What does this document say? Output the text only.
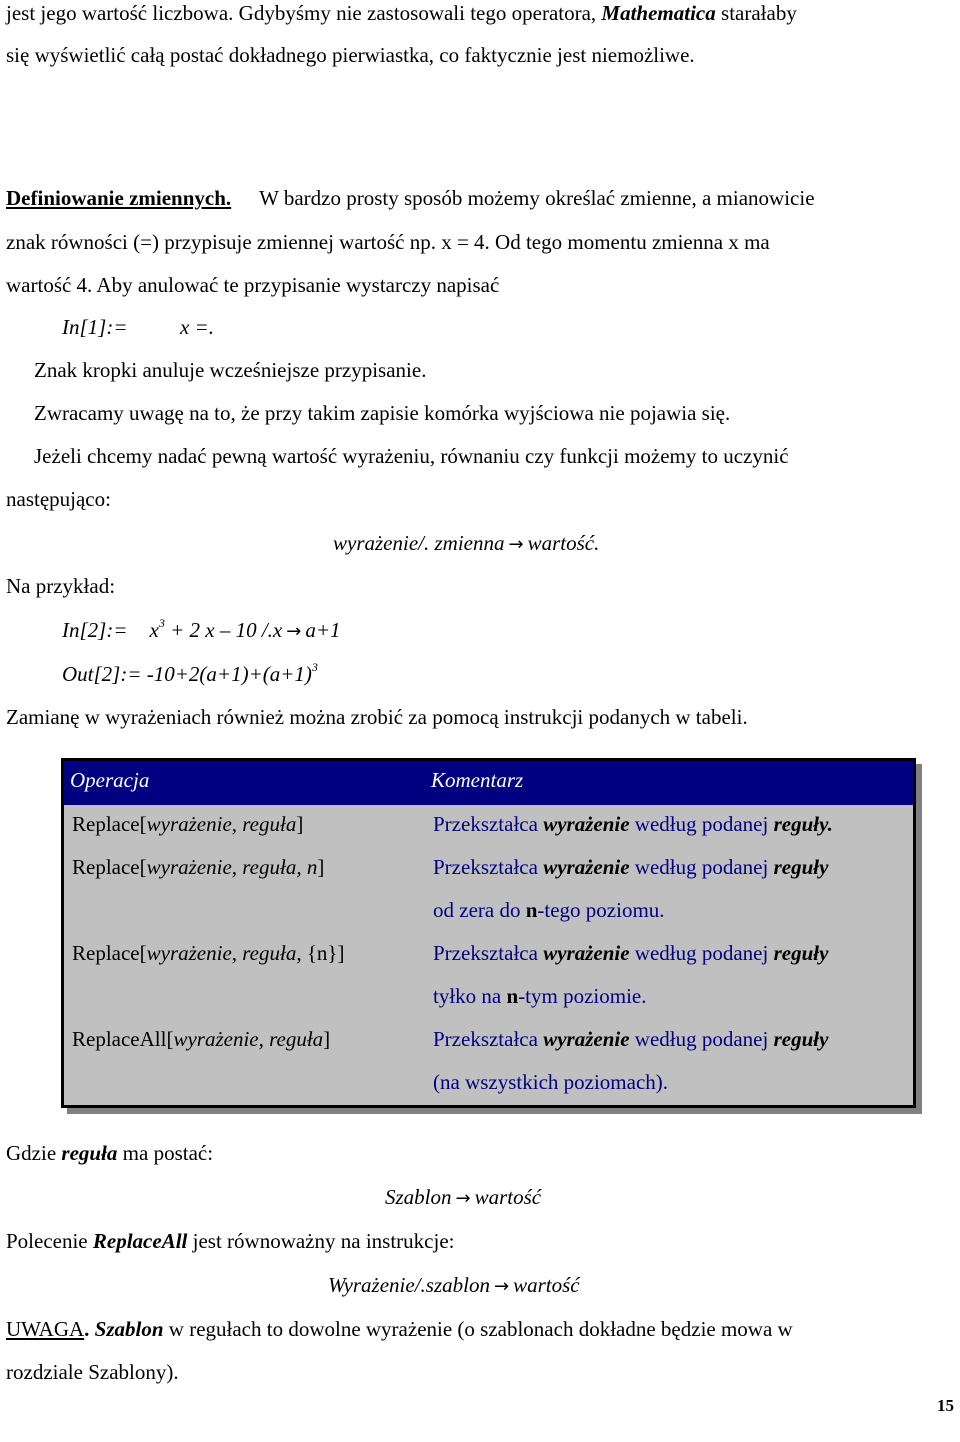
jest jego wartość liczbowa. Gdybyśmy nie zastosowali tego operatora, Mathematica starałaby
się wyświetlić całą postać dokładnego pierwiastka, co faktycznie jest niemożliwe.
Definiowanie zmiennych. W bardzo prosty sposób możemy określać zmienne, a mianowicie
znak równości (=) przypisuje zmiennej wartość np. x = 4. Od tego momentu zmienna x ma
wartość 4. Aby anulować te przypisanie wystarczy napisać
In[1]:= x =.
Znak kropki anuluje wcześniejsze przypisanie.
Zwracamy uwagę na to, że przy takim zapisie komórka wyjściowa nie pojawia się.
Jeżeli chcemy nadać pewną wartość wyrażeniu, równaniu czy funkcji możemy to uczynić
następująco:
wyrażenie/. zmienna → wartość.
Na przykład:
In[2]:= $x^3 + 2$ x – 10 /.x → a+1
Out[2]:= $-10+2(a+1)+(a+1)^3$
Zamianę w wyrażeniach również można zrobić za pomocą instrukcji podanych w tabeli.
Operacja	Komentarz
Replace[wyrażenie, reguła]	Przekształca wyrażenie według podanej reguły.
Replace[wyrażenie, reguła, n]	Przekształca wyrażenie według podanej reguły
od zera do n-tego poziomu.
Replace[wyrażenie, reguła, {n}]	Przekształca wyrażenie według podanej reguły
tyłko na n-tym poziomie.
ReplaceAll[wyrażenie, reguła]	Przekształca wyrażenie według podanej reguły
(na wszystkich poziomach).
Gdzie reguła ma postać:
Szablon → wartość
Polecenie ReplaceAll jest równoważny na instrukcje:
Wyrażenie/.szablon → wartość
UWAGA. Szablon w regułach to dowolne wyrażenie (o szablonach dokładne będzie mowa w
rozdziale Szablony).
15
